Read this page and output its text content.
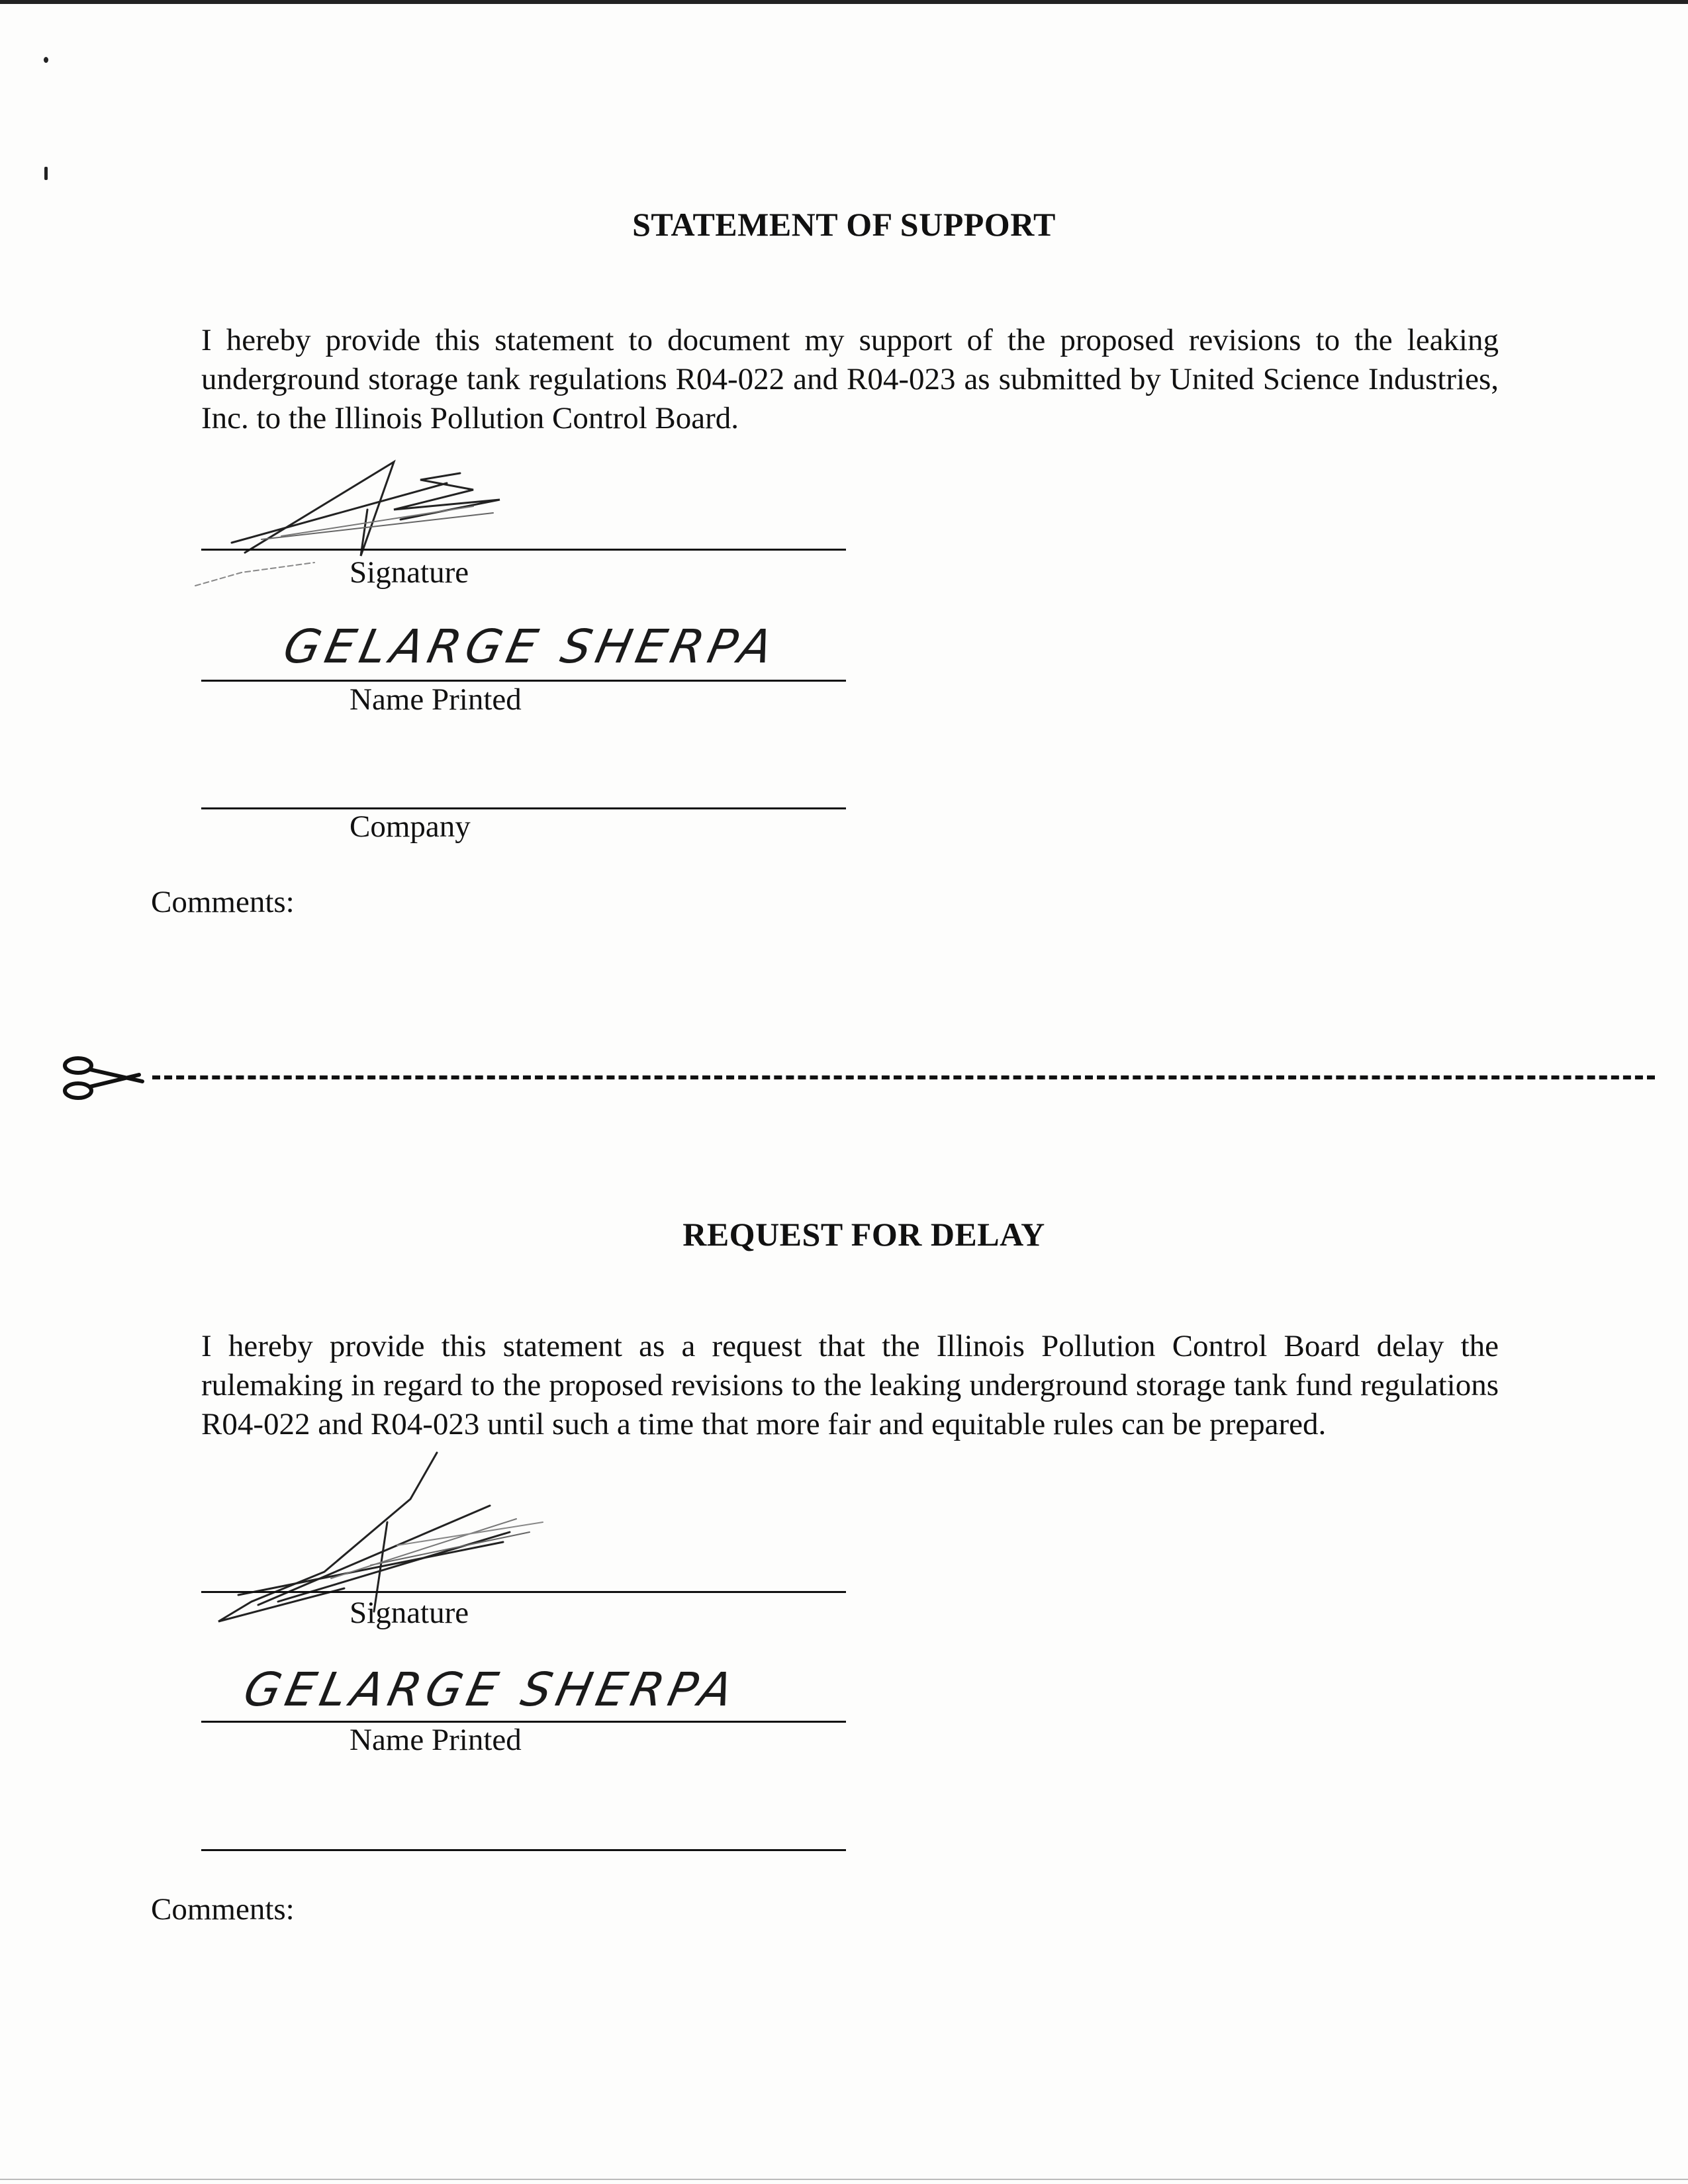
STATEMENT OF SUPPORT

I hereby provide this statement to document my support of the proposed revisions to the leaking underground storage tank regulations R04-022 and R04-023 as submitted by United Science Industries, Inc. to the Illinois Pollution Control Board.

Signature

GELARGE SHERPA

Name Printed

Company

Comments:

REQUEST FOR DELAY

I hereby provide this statement as a request that the Illinois Pollution Control Board delay the rulemaking in regard to the proposed revisions to the leaking underground storage tank fund regulations R04-022 and R04-023 until such a time that more fair and equitable rules can be prepared.

Signature

GELARGE SHERPA

Name Printed

Comments:
